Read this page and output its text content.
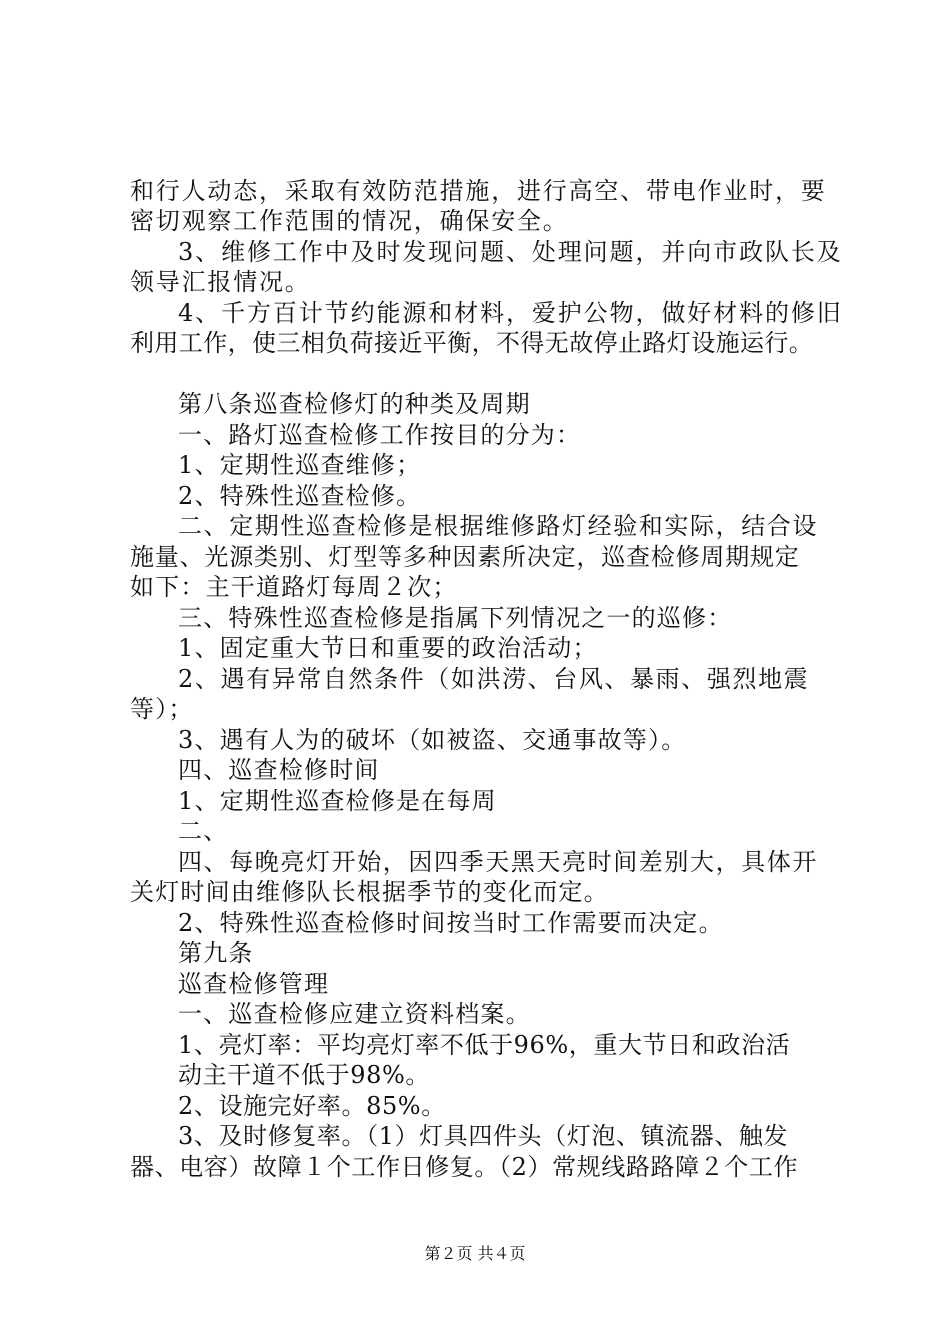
和行人动态，采取有效防范措施，进行高空、带电作业时，要

密切观察工作范围的情况，确保安全。

3、维修工作中及时发现问题、处理问题，并向市政队长及

领导汇报情况。

4、千方百计节约能源和材料，爱护公物，做好材料的修旧

利用工作，使三相负荷接近平衡，不得无故停止路灯设施运行。

第八条巡查检修灯的种类及周期

一、路灯巡查检修工作按目的分为：

1、定期性巡查维修；

2、特殊性巡查检修。

二、定期性巡查检修是根据维修路灯经验和实际，结合设

施量、光源类别、灯型等多种因素所决定，巡查检修周期规定

如下：主干道路灯每周２次；

三、特殊性巡查检修是指属下列情况之一的巡修：

1、固定重大节日和重要的政治活动；

2、遇有异常自然条件（如洪涝、台风、暴雨、强烈地震

等）；

3、遇有人为的破坏（如被盗、交通事故等）。

四、巡查检修时间

1、定期性巡查检修是在每周

二、

四、每晚亮灯开始，因四季天黑天亮时间差别大，具体开

关灯时间由维修队长根据季节的变化而定。

2、特殊性巡查检修时间按当时工作需要而决定。

第九条

巡查检修管理

一、巡查检修应建立资料档案。

1、亮灯率：平均亮灯率不低于96%，重大节日和政治活

动主干道不低于98%。

2、设施完好率。85%。

3、及时修复率。（1）灯具四件头（灯泡、镇流器、触发

器、电容）故障１个工作日修复。（2）常规线路路障２个工作

第２页 共４页
